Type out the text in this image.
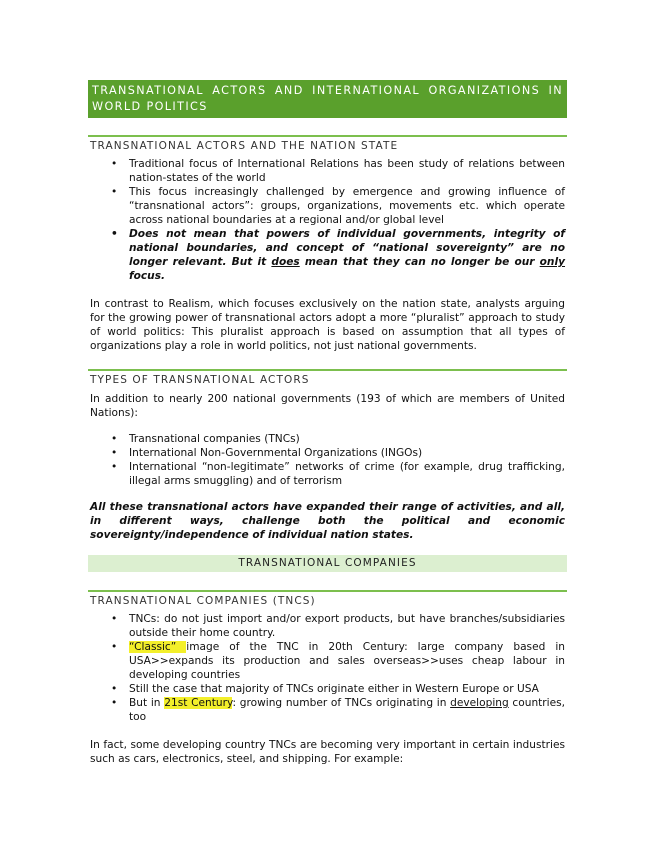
TRANSNATIONAL ACTORS AND INTERNATIONAL ORGANIZATIONS IN WORLD POLITICS
TRANSNATIONAL ACTORS AND THE NATION STATE
• Traditional focus of International Relations has been study of relations between nation-states of the world
• This focus increasingly challenged by emergence and growing influence of “transnational actors”: groups, organizations, movements etc. which operate across national boundaries at a regional and/or global level
• Does not mean that powers of individual governments, integrity of national boundaries, and concept of “national sovereignty” are no longer relevant. But it does mean that they can no longer be our only focus.
In contrast to Realism, which focuses exclusively on the nation state, analysts arguing for the growing power of transnational actors adopt a more “pluralist” approach to study of world politics: This pluralist approach is based on assumption that all types of organizations play a role in world politics, not just national governments.
TYPES OF TRANSNATIONAL ACTORS
In addition to nearly 200 national governments (193 of which are members of United Nations):
• Transnational companies (TNCs)
• International Non-Governmental Organizations (INGOs)
• International “non-legitimate” networks of crime (for example, drug trafficking, illegal arms smuggling) and of terrorism
All these transnational actors have expanded their range of activities, and all, in different ways, challenge both the political and economic sovereignty/independence of individual nation states.
TRANSNATIONAL COMPANIES
TRANSNATIONAL COMPANIES (TNCS)
• TNCs: do not just import and/or export products, but have branches/subsidiaries outside their home country.
• “Classic” image of the TNC in 20th Century: large company based in USA>>expands its production and sales overseas>>uses cheap labour in developing countries
• Still the case that majority of TNCs originate either in Western Europe or USA
• But in 21st Century: growing number of TNCs originating in developing countries, too
In fact, some developing country TNCs are becoming very important in certain industries such as cars, electronics, steel, and shipping. For example:
